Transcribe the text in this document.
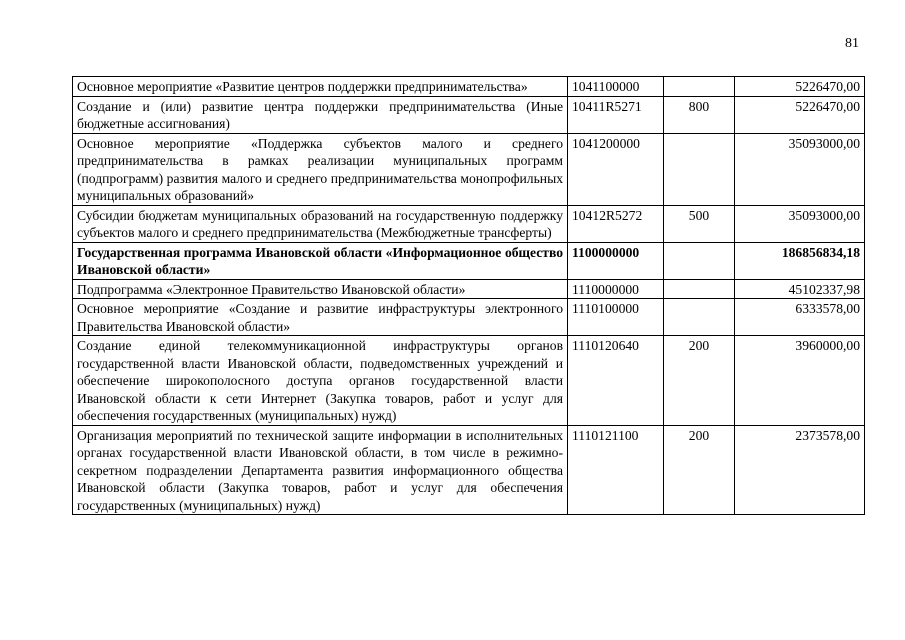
81
Основное мероприятие «Развитие центров поддержки предпринимательства»	1041100000		5226470,00
Создание и (или) развитие центра поддержки предпринимательства (Иные бюджетные ассигнования)	10411R5271	800	5226470,00
Основное мероприятие «Поддержка субъектов малого и среднего предпринимательства в рамках реализации муниципальных программ (подпрограмм) развития малого и среднего предпринимательства монопрофильных муниципальных образований»	1041200000		35093000,00
Субсидии бюджетам муниципальных образований на государственную поддержку субъектов малого и среднего предпринимательства (Межбюджетные трансферты)	10412R5272	500	35093000,00
Государственная программа Ивановской области «Информационное общество Ивановской области»	1100000000		186856834,18
Подпрограмма «Электронное Правительство Ивановской области»	1110000000		45102337,98
Основное мероприятие «Создание и развитие инфраструктуры электронного Правительства Ивановской области»	1110100000		6333578,00
Создание единой телекоммуникационной инфраструктуры органов государственной власти Ивановской области, подведомственных учреждений и обеспечение широкополосного доступа органов государственной власти Ивановской области к сети Интернет (Закупка товаров, работ и услуг для обеспечения государственных (муниципальных) нужд)	1110120640	200	3960000,00
Организация мероприятий по технической защите информации в исполнительных органах государственной власти Ивановской области, в том числе в режимно-секретном подразделении Департамента развития информационного общества Ивановской области (Закупка товаров, работ и услуг для обеспечения государственных (муниципальных) нужд)	1110121100	200	2373578,00
